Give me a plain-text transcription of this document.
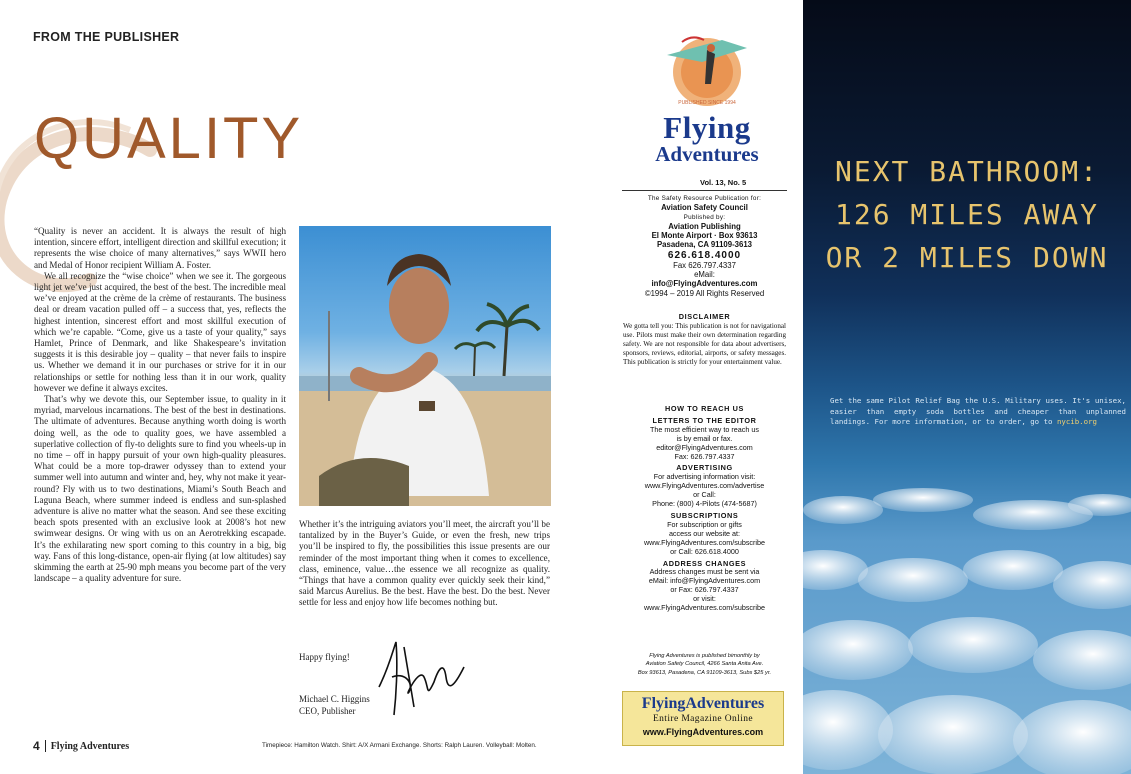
FROM THE PUBLISHER
QUALITY

“Quality is never an accident. It is always the result of high intention, sincere effort, intelligent direction and skillful execution; it represents the wise choice of many alternatives,” says WWII hero and Medal of Honor recipient William A. Foster.

We all recognize the “wise choice” when we see it. The gorgeous light jet we’ve just acquired, the best of the best. The incredible meal we’ve enjoyed at the crème de la crème of restaurants. The business deal or dream vacation pulled off – a success that, yes, reflects the highest intention, sincerest effort and most skillful execution of which we’re capable. “Come, give us a taste of your quality,” says Hamlet, Prince of Denmark, and like Shakespeare’s invitation suggests it is this desirable joy – quality – that never fails to inspire us. Whether we demand it in our purchases or strive for it in our relationships or settle for nothing less than it in our work, quality however we define it always excites.

That’s why we devote this, our September issue, to quality in it myriad, marvelous incarnations. The best of the best in destinations. The ultimate of adventures. Because anything worth doing is worth doing well, as the ode to quality goes, we have assembled a superlative collection of fly-to delights sure to find you wheels-up in no time – off in happy pursuit of your own high-quality pleasures. What could be a more top-drawer odyssey than to extend your summer well into autumn and winter and, hey, why not make it year-round? Fly with us to two destinations, Miami’s South Beach and Laguna Beach, where summer indeed is endless and sun-splashed adventure is alive no matter what the season. And see these exciting beach spots presented with an exclusive look at 2008’s hot new swimwear designs. Or wing with us on an Aerotrekking escapade. It’s the exhilarating new sport coming to this country in a big, big way. Fans of this long-distance, open-air flying (at low altitudes) say skimming the earth at 25-90 mph means you become part of the very landscape – a quality adventure for sure.

Whether it’s the intriguing aviators you’ll meet, the aircraft you’ll be tantalized by in the Buyer’s Guide, or even the fresh, new trips you’ll be inspired to fly, the possibilities this issue presents are our reminder of the most important thing when it comes to excellence, class, eminence, value…the essence we all recognize as quality. “Things that have a common quality ever quickly seek their kind,” said Marcus Aurelius. Be the best. Have the best. Do the best. Never settle for less and enjoy how life becomes nothing but.

Happy flying!
Michael C. Higgins
CEO, Publisher
4 Flying Adventures	Timepiece: Hamilton Watch. Shirt: A/X Armani Exchange. Shorts: Ralph Lauren. Volleyball: Molten.
PUBLISHED SINCE 1994
Flying
Adventures
Vol. 13, No. 5
The Safety Resource Publication for:
Aviation Safety Council
Published by:
Aviation Publishing
El Monte Airport · Box 93613
Pasadena, CA 91109-3613
626.618.4000
Fax 626.797.4337
eMail:
info@FlyingAdventures.com
©1994 – 2019 All Rights Reserved
DISCLAIMER
We gotta tell you: This publication is not for navigational use. Pilots must make their own determination regarding safety. We are not responsible for data about advertisers, sponsors, reviews, editorial, airports, or safety messages. This publication is strictly for your entertainment value.
HOW TO REACH US
LETTERS TO THE EDITOR
The most efficient way to reach us
is by email or fax.
editor@FlyingAdventures.com
Fax: 626.797.4337
ADVERTISING
For advertising information visit:
www.FlyingAdventures.com/advertise
or Call:
Phone: (800) 4-Pilots (474-5687)
SUBSCRIPTIONS
For subscription or gifts
access our website at:
www.FlyingAdventures.com/subscribe
or Call: 626.618.4000
ADDRESS CHANGES
Address changes must be sent via
eMail: info@FlyingAdventures.com
or Fax: 626.797.4337
or visit:
www.FlyingAdventures.com/subscribe
Flying Adventures is published bimonthly by
Aviation Safety Council, 4266 Santa Anita Ave.
Box 93613, Pasadena, CA 91109-3613, Subs $25 yr.
FlyingAdventures
Entire Magazine Online
www.FlyingAdventures.com
NEXT BATHROOM:
126 MILES AWAY
OR 2 MILES DOWN
Get the same Pilot Relief Bag the U.S. Military uses. It's unisex, easier than empty soda bottles and cheaper than unplanned landings. For more information, or to order, go to nycib.org
